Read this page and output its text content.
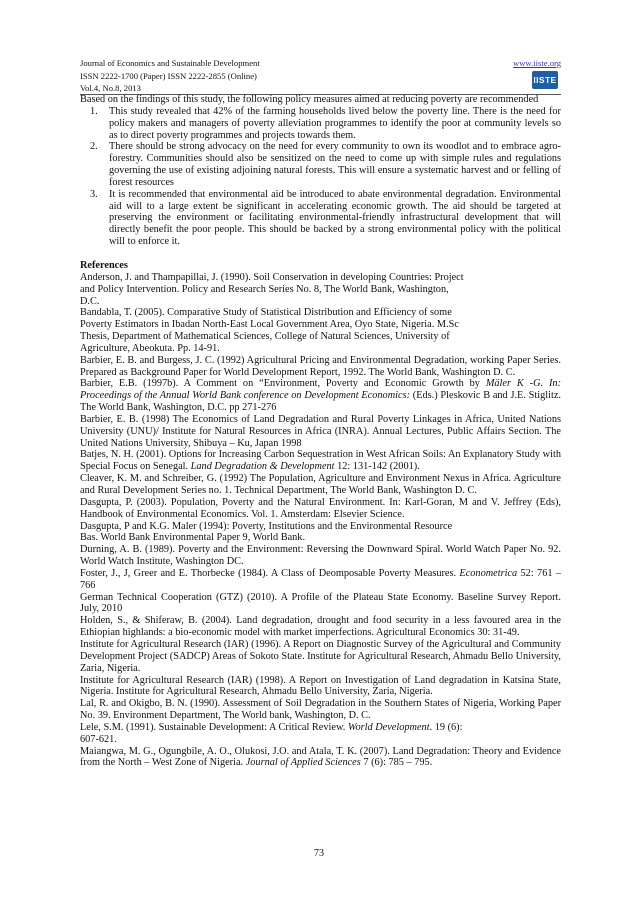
Journal of Economics and Sustainable Development
ISSN 2222-1700 (Paper) ISSN 2222-2855 (Online)
Vol.4, No.8, 2013
www.iiste.org
IISTE
Based on the findings of this study, the following policy measures aimed at reducing poverty are recommended
1. This study revealed that 42% of the farming households lived below the poverty line. There is the need for policy makers and managers of poverty alleviation programmes to identify the poor at community levels so as to direct poverty programmes and projects towards them.
2. There should be strong advocacy on the need for every community to own its woodlot and to embrace agro-forestry. Communities should also be sensitized on the need to come up with simple rules and regulations governing the use of existing adjoining natural forests. This will ensure a systematic harvest and or felling of forest resources
3. It is recommended that environmental aid be introduced to abate environmental degradation. Environmental aid will to a large extent be significant in accelerating economic growth. The aid should be targeted at preserving the environment or facilitating environmental-friendly infrastructural development that will directly benefit the poor people. This should be backed by a strong environmental policy with the political will to enforce it.
References

Anderson, J. and Thampapillai, J. (1990). Soil Conservation in developing Countries: Project

and Policy Intervention. Policy and Research Series No. 8, The World Bank, Washington,

D.C.

Bandabla, T. (2005). Comparative Study of Statistical Distribution and Efficiency of some

Poverty Estimators in Ibadan North-East Local Government Area, Oyo State, Nigeria. M.Sc

Thesis, Department of Mathematical Sciences, College of Natural Sciences, University of

Agriculture, Abeokuta. Pp. 14-91.

Barbier, E. B. and Burgess, J. C. (1992) Agricultural Pricing and Environmental Degradation, working Paper Series. Prepared as Background Paper for World Development Report, 1992. The World Bank, Washington D. C.

Barbier, E.B. (1997b). A Comment on “Environment, Poverty and Economic Growth by Mäler K -G. In: Proceedings of the Annual World Bank conference on Development Economics: (Eds.) Pleskovic B and J.E. Stiglitz. The World Bank, Washington, D.C. pp 271-276

Barbier, E. B. (1998) The Economics of Land Degradation and Rural Poverty Linkages in Africa, United Nations University (UNU)/ Institute for Natural Resources in Africa (INRA). Annual Lectures, Public Affairs Section. The United Nations University, Shibuya – Ku, Japan 1998

Batjes, N. H. (2001). Options for Increasing Carbon Sequestration in West African Soils: An Explanatory Study with Special Focus on Senegal. Land Degradation & Development 12: 131-142 (2001).

Cleaver, K. M. and Schreiber, G. (1992) The Population, Agriculture and Environment Nexus in Africa. Agriculture and Rural Development Series no. 1. Technical Department, The World Bank, Washington D. C.

Dasgupta, P. (2003). Population, Poverty and the Natural Environment. In: Karl-Goran, M and V. Jeffrey (Eds), Handbook of Environmental Economics. Vol. 1. Amsterdam: Elsevier Science.

Dasgupta, P and K.G. Maler (1994): Poverty, Institutions and the Environmental Resource

Bas. World Bank Environmental Paper 9, World Bank.

Durning, A. B. (1989). Poverty and the Environment: Reversing the Downward Spiral. World Watch Paper No. 92. World Watch Institute, Washington DC.

Foster, J., J, Greer and E. Thorbecke (1984). A Class of Deomposable Poverty Measures. Econometrica 52: 761 – 766

German Technical Cooperation (GTZ) (2010). A Profile of the Plateau State Economy. Baseline Survey Report. July, 2010

Holden, S., & Shiferaw, B. (2004). Land degradation, drought and food security in a less favoured area in the Ethiopian highlands: a bio-economic model with market imperfections. Agricultural Economics 30: 31-49.

Institute for Agricultural Research (IAR) (1996). A Report on Diagnostic Survey of the Agricultural and Community Development Project (SADCP) Areas of Sokoto State. Institute for Agricultural Research, Ahmadu Bello University, Zaria, Nigeria.

Institute for Agricultural Research (IAR) (1998). A Report on Investigation of Land degradation in Katsina State, Nigeria. Institute for Agricultural Research, Ahmadu Bello University, Zaria, Nigeria.

Lal, R. and Okigbo, B. N. (1990). Assessment of Soil Degradation in the Southern States of Nigeria, Working Paper No. 39. Environment Department, The World bank, Washington, D. C.

Lele, S.M. (1991). Sustainable Development: A Critical Review. World Development. 19 (6):

607-621.

Maiangwa, M. G., Ogungbile, A. O., Olukosi, J.O. and Atala, T. K. (2007). Land Degradation: Theory and Evidence from the North – West Zone of Nigeria. Journal of Applied Sciences 7 (6): 785 – 795.

73
